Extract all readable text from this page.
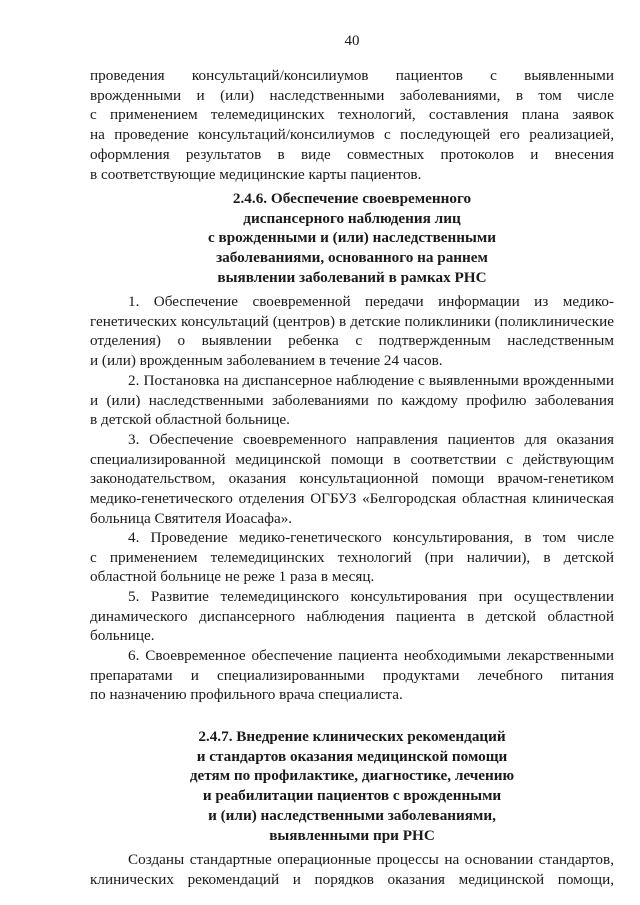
40

проведения консультаций/консилиумов пациентов с выявленными
врожденными и (или) наследственными заболеваниями, в том числе
с применением телемедицинских технологий, составления плана заявок
на проведение консультаций/консилиумов с последующей его реализацией,
оформления результатов в виде совместных протоколов и внесения
в соответствующие медицинские карты пациентов.

2.4.6. Обеспечение своевременного
диспансерного наблюдения лиц
с врожденными и (или) наследственными
заболеваниями, основанного на раннем
выявлении заболеваний в рамках РНС

1. Обеспечение своевременной передачи информации из медико-
генетических консультаций (центров) в детские поликлиники (поликлинические
отделения) о выявлении ребенка с подтвержденным наследственным
и (или) врожденным заболеванием в течение 24 часов.

2. Постановка на диспансерное наблюдение с выявленными врожденными
и (или) наследственными заболеваниями по каждому профилю заболевания
в детской областной больнице.

3. Обеспечение своевременного направления пациентов для оказания
специализированной медицинской помощи в соответствии с действующим
законодательством, оказания консультационной помощи врачом-генетиком
медико-генетического отделения ОГБУЗ «Белгородская областная клиническая
больница Святителя Иоасафа».

4. Проведение медико-генетического консультирования, в том числе
с применением телемедицинских технологий (при наличии), в детской
областной больнице не реже 1 раза в месяц.

5. Развитие телемедицинского консультирования при осуществлении
динамического диспансерного наблюдения пациента в детской областной
больнице.

6. Своевременное обеспечение пациента необходимыми лекарственными
препаратами и специализированными продуктами лечебного питания
по назначению профильного врача специалиста.

2.4.7. Внедрение клинических рекомендаций
и стандартов оказания медицинской помощи
детям по профилактике, диагностике, лечению
и реабилитации пациентов с врожденными
и (или) наследственными заболеваниями,
выявленными при РНС

Созданы стандартные операционные процессы на основании стандартов,
клинических рекомендаций и порядков оказания медицинской помощи,
